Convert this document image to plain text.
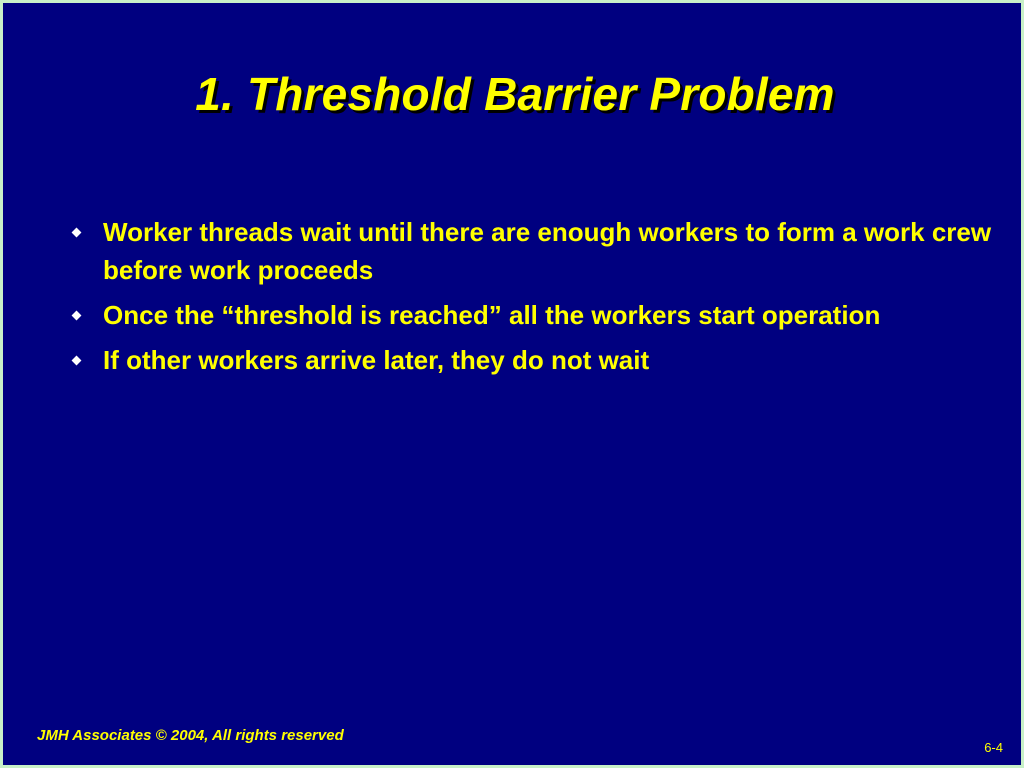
1. Threshold Barrier Problem
Worker threads wait until there are enough workers to form a work crew before work proceeds
Once the “threshold is reached” all the workers start operation
If other workers arrive later, they do not wait
JMH Associates © 2004, All rights reserved
6-4
